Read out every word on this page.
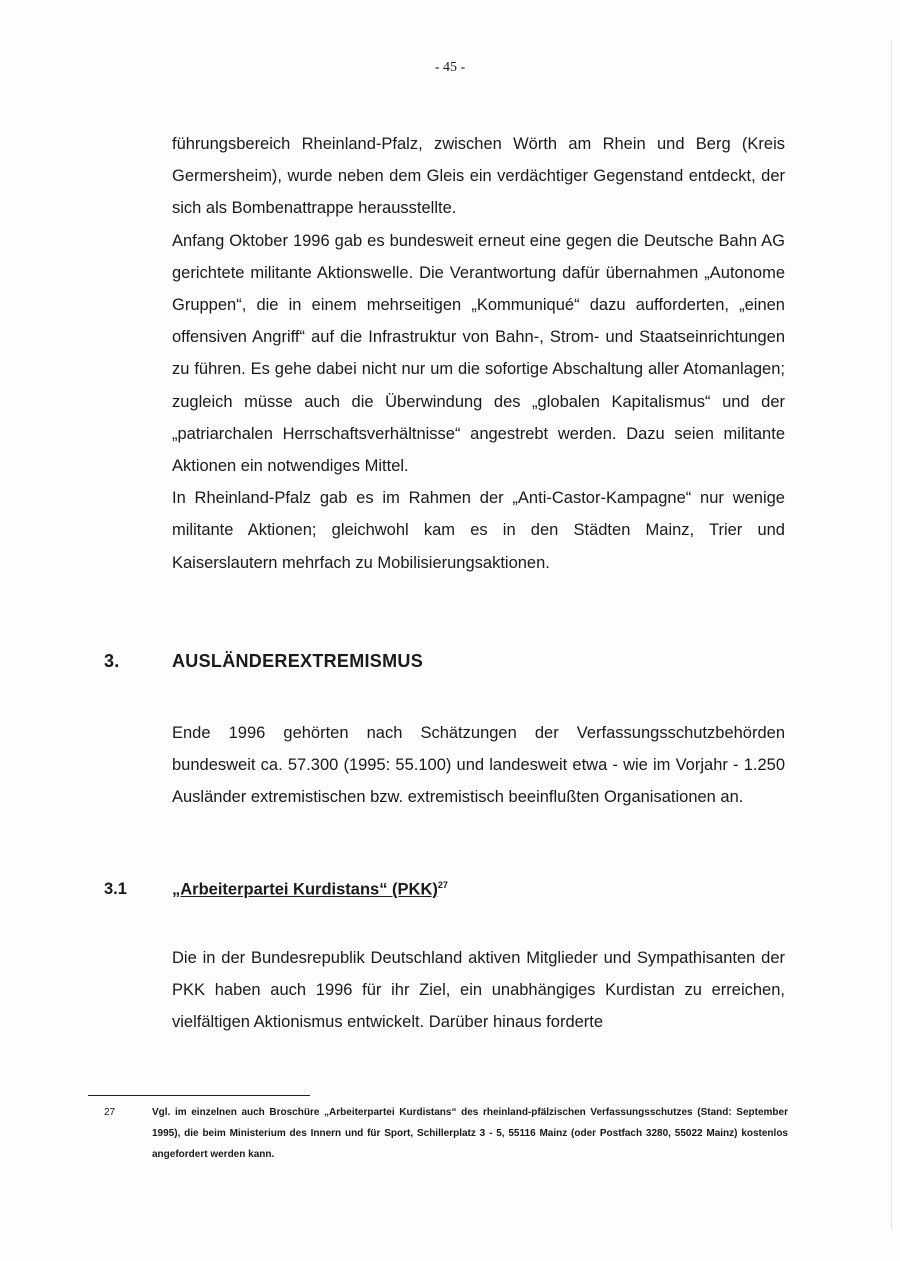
- 45 -

führungsbereich Rheinland-Pfalz, zwischen Wörth am Rhein und Berg (Kreis Germersheim), wurde neben dem Gleis ein verdächtiger Gegenstand entdeckt, der sich als Bombenattrappe herausstellte.

Anfang Oktober 1996 gab es bundesweit erneut eine gegen die Deutsche Bahn AG gerichtete militante Aktionswelle. Die Verantwortung dafür übernahmen „Autonome Gruppen“, die in einem mehrseitigen „Kommuniqué“ dazu aufforderten, „einen offensiven Angriff“ auf die Infrastruktur von Bahn-, Strom- und Staatseinrichtungen zu führen. Es gehe dabei nicht nur um die sofortige Abschaltung aller Atomanlagen; zugleich müsse auch die Überwindung des „globalen Kapitalismus“ und der „patriarchalen Herrschaftsverhältnisse“ angestrebt werden. Dazu seien militante Aktionen ein notwendiges Mittel.

In Rheinland-Pfalz gab es im Rahmen der „Anti-Castor-Kampagne“ nur wenige militante Aktionen; gleichwohl kam es in den Städten Mainz, Trier und Kaiserslautern mehrfach zu Mobilisierungsaktionen.

3.	AUSLÄNDEREXTREMISMUS

Ende 1996 gehörten nach Schätzungen der Verfassungsschutzbehörden bundesweit ca. 57.300 (1995: 55.100) und landesweit etwa - wie im Vorjahr - 1.250 Ausländer extremistischen bzw. extremistisch beeinflußten Organisationen an.

3.1	„Arbeiterpartei Kurdistans“ (PKK)$^{27}$

Die in der Bundesrepublik Deutschland aktiven Mitglieder und Sympathisanten der PKK haben auch 1996 für ihr Ziel, ein unabhängiges Kurdistan zu erreichen, vielfältigen Aktionismus entwickelt. Darüber hinaus forderte

27	Vgl. im einzelnen auch Broschüre „Arbeiterpartei Kurdistans“ des rheinland-pfälzischen Verfassungsschutzes (Stand: September 1995), die beim Ministerium des Innern und für Sport, Schillerplatz 3 - 5, 55116 Mainz (oder Postfach 3280, 55022 Mainz) kostenlos angefordert werden kann.
